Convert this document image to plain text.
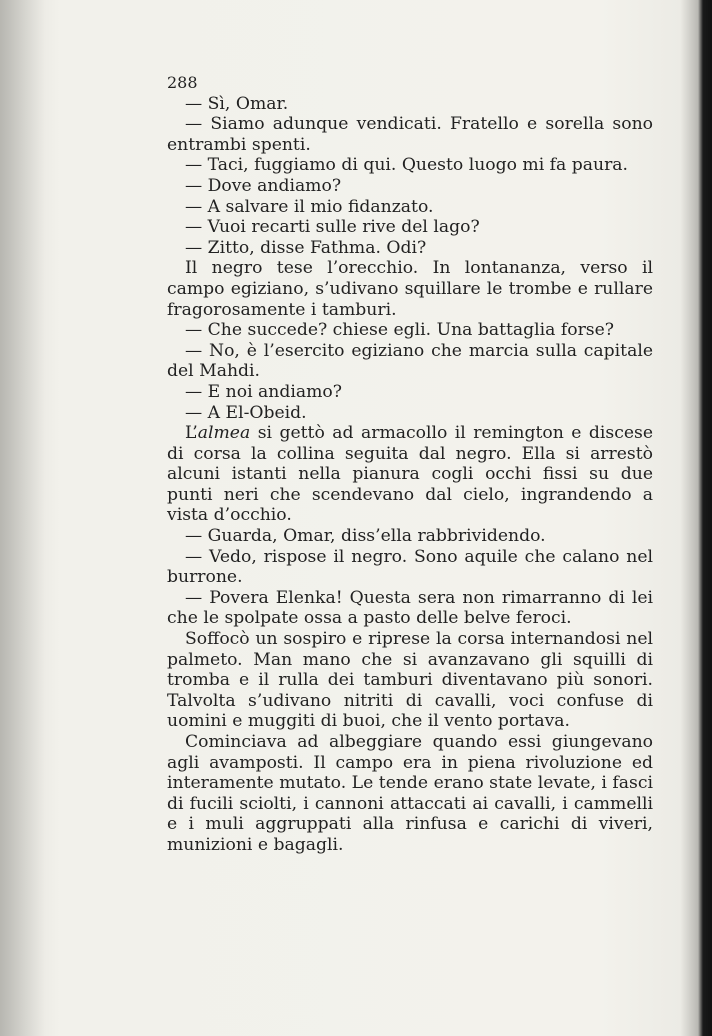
288

— Sì, Omar.

— Siamo adunque vendicati. Fratello e sorella sono entrambi spenti.

— Taci, fuggiamo di qui. Questo luogo mi fa paura.

— Dove andiamo?

— A salvare il mio fidanzato.

— Vuoi recarti sulle rive del lago?

— Zitto, disse Fathma. Odi?

Il negro tese l’orecchio. In lontananza, verso il campo egiziano, s’udivano squillare le trombe e rullare fragorosamente i tamburi.

— Che succede? chiese egli. Una battaglia forse?

— No, è l’esercito egiziano che marcia sulla capitale del Mahdi.

— E noi andiamo?

— A El-Obeid.

L’almea si gettò ad armacollo il remington e discese di corsa la collina seguita dal negro. Ella si arrestò alcuni istanti nella pianura cogli occhi fissi su due punti neri che scendevano dal cielo, ingrandendo a vista d’occhio.

— Guarda, Omar, diss’ella rabbrividendo.

— Vedo, rispose il negro. Sono aquile che calano nel burrone.

— Povera Elenka! Questa sera non rimarranno di lei che le spolpate ossa a pasto delle belve feroci.

Soffocò un sospiro e riprese la corsa internandosi nel palmeto. Man mano che si avanzavano gli squilli di tromba e il rulla dei tamburi diventavano più sonori. Talvolta s’udivano nitriti di cavalli, voci confuse di uomini e muggiti di buoi, che il vento portava.

Cominciava ad albeggiare quando essi giungevano agli avamposti. Il campo era in piena rivoluzione ed interamente mutato. Le tende erano state levate, i fasci di fucili sciolti, i cannoni attaccati ai cavalli, i cammelli e i muli aggruppati alla rinfusa e carichi di viveri, munizioni e bagagli.
